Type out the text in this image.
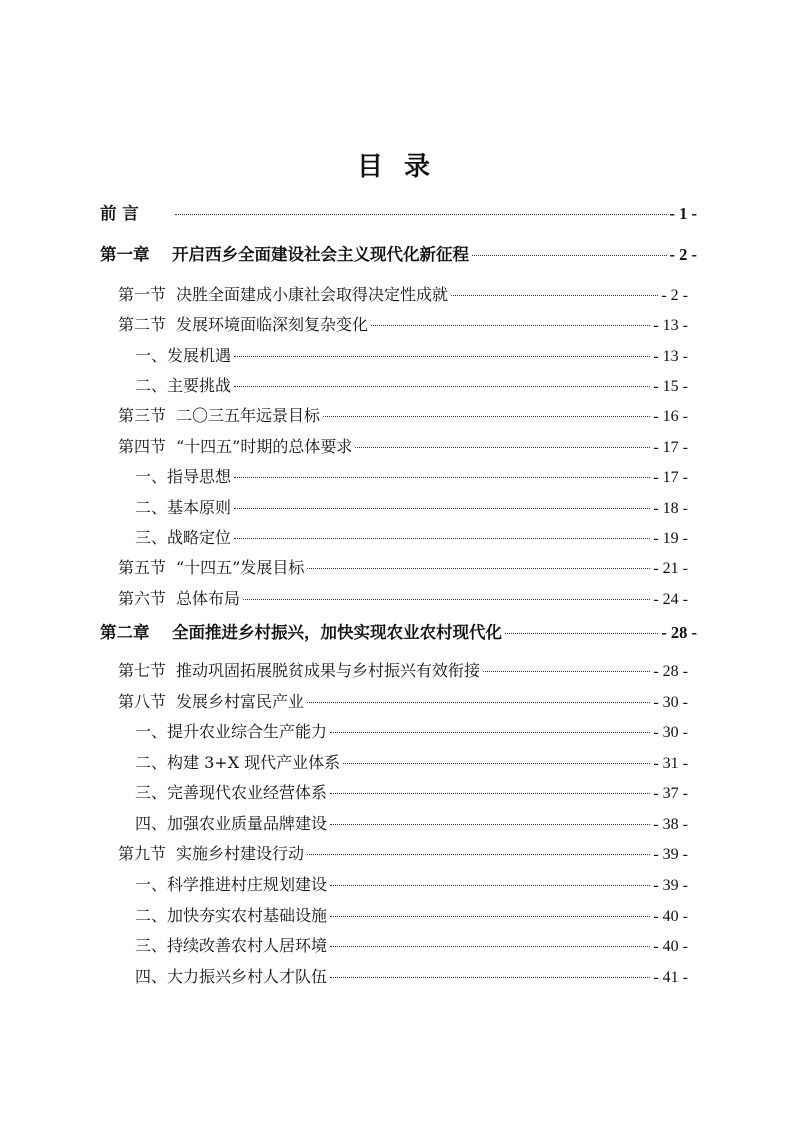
目 录
前 言	- 1 -
第一章 开启西乡全面建设社会主义现代化新征程	- 2 -
第一节 决胜全面建成小康社会取得决定性成就	- 2 -
第二节 发展环境面临深刻复杂变化	- 13 -
一、发展机遇	- 13 -
二、主要挑战	- 15 -
第三节 二〇三五年远景目标	- 16 -
第四节 “十四五”时期的总体要求	- 17 -
一、指导思想	- 17 -
二、基本原则	- 18 -
三、战略定位	- 19 -
第五节 “十四五”发展目标	- 21 -
第六节 总体布局	- 24 -
第二章 全面推进乡村振兴，加快实现农业农村现代化	- 28 -
第七节 推动巩固拓展脱贫成果与乡村振兴有效衔接	- 28 -
第八节 发展乡村富民产业	- 30 -
一、提升农业综合生产能力	- 30 -
二、构建 3+X 现代产业体系	- 31 -
三、完善现代农业经营体系	- 37 -
四、加强农业质量品牌建设	- 38 -
第九节 实施乡村建设行动	- 39 -
一、科学推进村庄规划建设	- 39 -
二、加快夯实农村基础设施	- 40 -
三、持续改善农村人居环境	- 40 -
四、大力振兴乡村人才队伍	- 41 -
